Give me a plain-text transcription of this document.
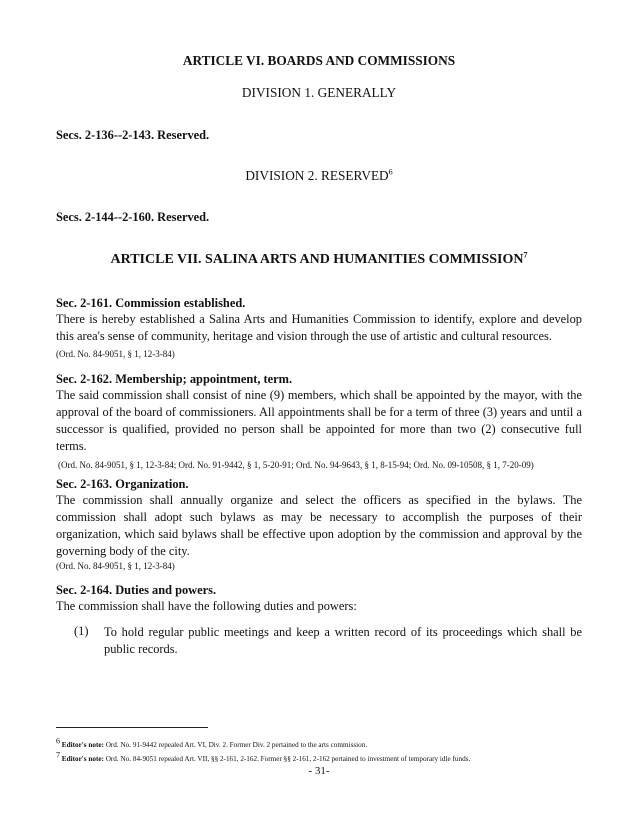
ARTICLE VI. BOARDS AND COMMISSIONS
DIVISION 1. GENERALLY
Secs. 2-136--2-143. Reserved.
DIVISION 2. RESERVED$^6$
Secs. 2-144--2-160. Reserved.
ARTICLE VII. SALINA ARTS AND HUMANITIES COMMISSION$^7$
Sec. 2-161. Commission established.
There is hereby established a Salina Arts and Humanities Commission to identify, explore and develop this area's sense of community, heritage and vision through the use of artistic and cultural resources.
(Ord. No. 84-9051, § 1, 12-3-84)
Sec. 2-162. Membership; appointment, term.
The said commission shall consist of nine (9) members, which shall be appointed by the mayor, with the approval of the board of commissioners. All appointments shall be for a term of three (3) years and until a successor is qualified, provided no person shall be appointed for more than two (2) consecutive full terms.
(Ord. No. 84-9051, § 1, 12-3-84; Ord. No. 91-9442, § 1, 5-20-91; Ord. No. 94-9643, § 1, 8-15-94; Ord. No. 09-10508, § 1, 7-20-09)
Sec. 2-163. Organization.
The commission shall annually organize and select the officers as specified in the bylaws. The commission shall adopt such bylaws as may be necessary to accomplish the purposes of their organization, which said bylaws shall be effective upon adoption by the commission and approval by the governing body of the city.
(Ord. No. 84-9051, § 1, 12-3-84)
Sec. 2-164. Duties and powers.
The commission shall have the following duties and powers:
(1) To hold regular public meetings and keep a written record of its proceedings which shall be public records.
$^6$ Editor's note: Ord. No. 91-9442 repealed Art. VI, Div. 2. Former Div. 2 pertained to the arts commission.
$^7$ Editor's note: Ord. No. 84-9051 repealed Art. VII, §§ 2-161, 2-162. Former §§ 2-161, 2-162 pertained to investment of temporary idle funds.
- 31-
